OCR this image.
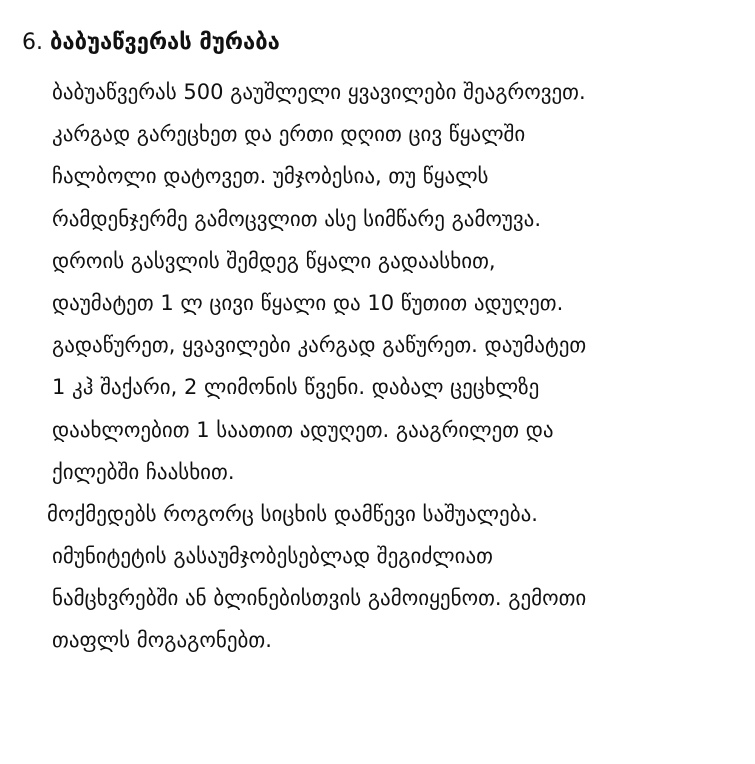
6. ბაბუაწვერას მურაბა
ბაბუაწვერას 500 გაუშლელი ყვავილები შეაგროვეთ.
კარგად გარეცხეთ და ერთი დღით ცივ წყალში
ჩალბოლი დატოვეთ. უმჯობესია, თუ წყალს
რამდენჯერმე გამოცვლით ასე სიმწარე გამოუვა.
დროის გასვლის შემდეგ წყალი გადაასხით,
დაუმატეთ 1 ლ ცივი წყალი და 10 წუთით ადუღეთ.
გადაწურეთ, ყვავილები კარგად გაწურეთ. დაუმატეთ
1 კჰ შაქარი, 2 ლიმონის წვენი. დაბალ ცეცხლზე
დაახლოებით 1 საათით ადუღეთ. გააგრილეთ და
ქილებში ჩაასხით.
მოქმედებს როგორც სიცხის დამწევი საშუალება.
იმუნიტეტის გასაუმჯობესებლად შეგიძლიათ
ნამცხვრებში ან ბლინებისთვის გამოიყენოთ. გემოთი
თაფლს მოგაგონებთ.
